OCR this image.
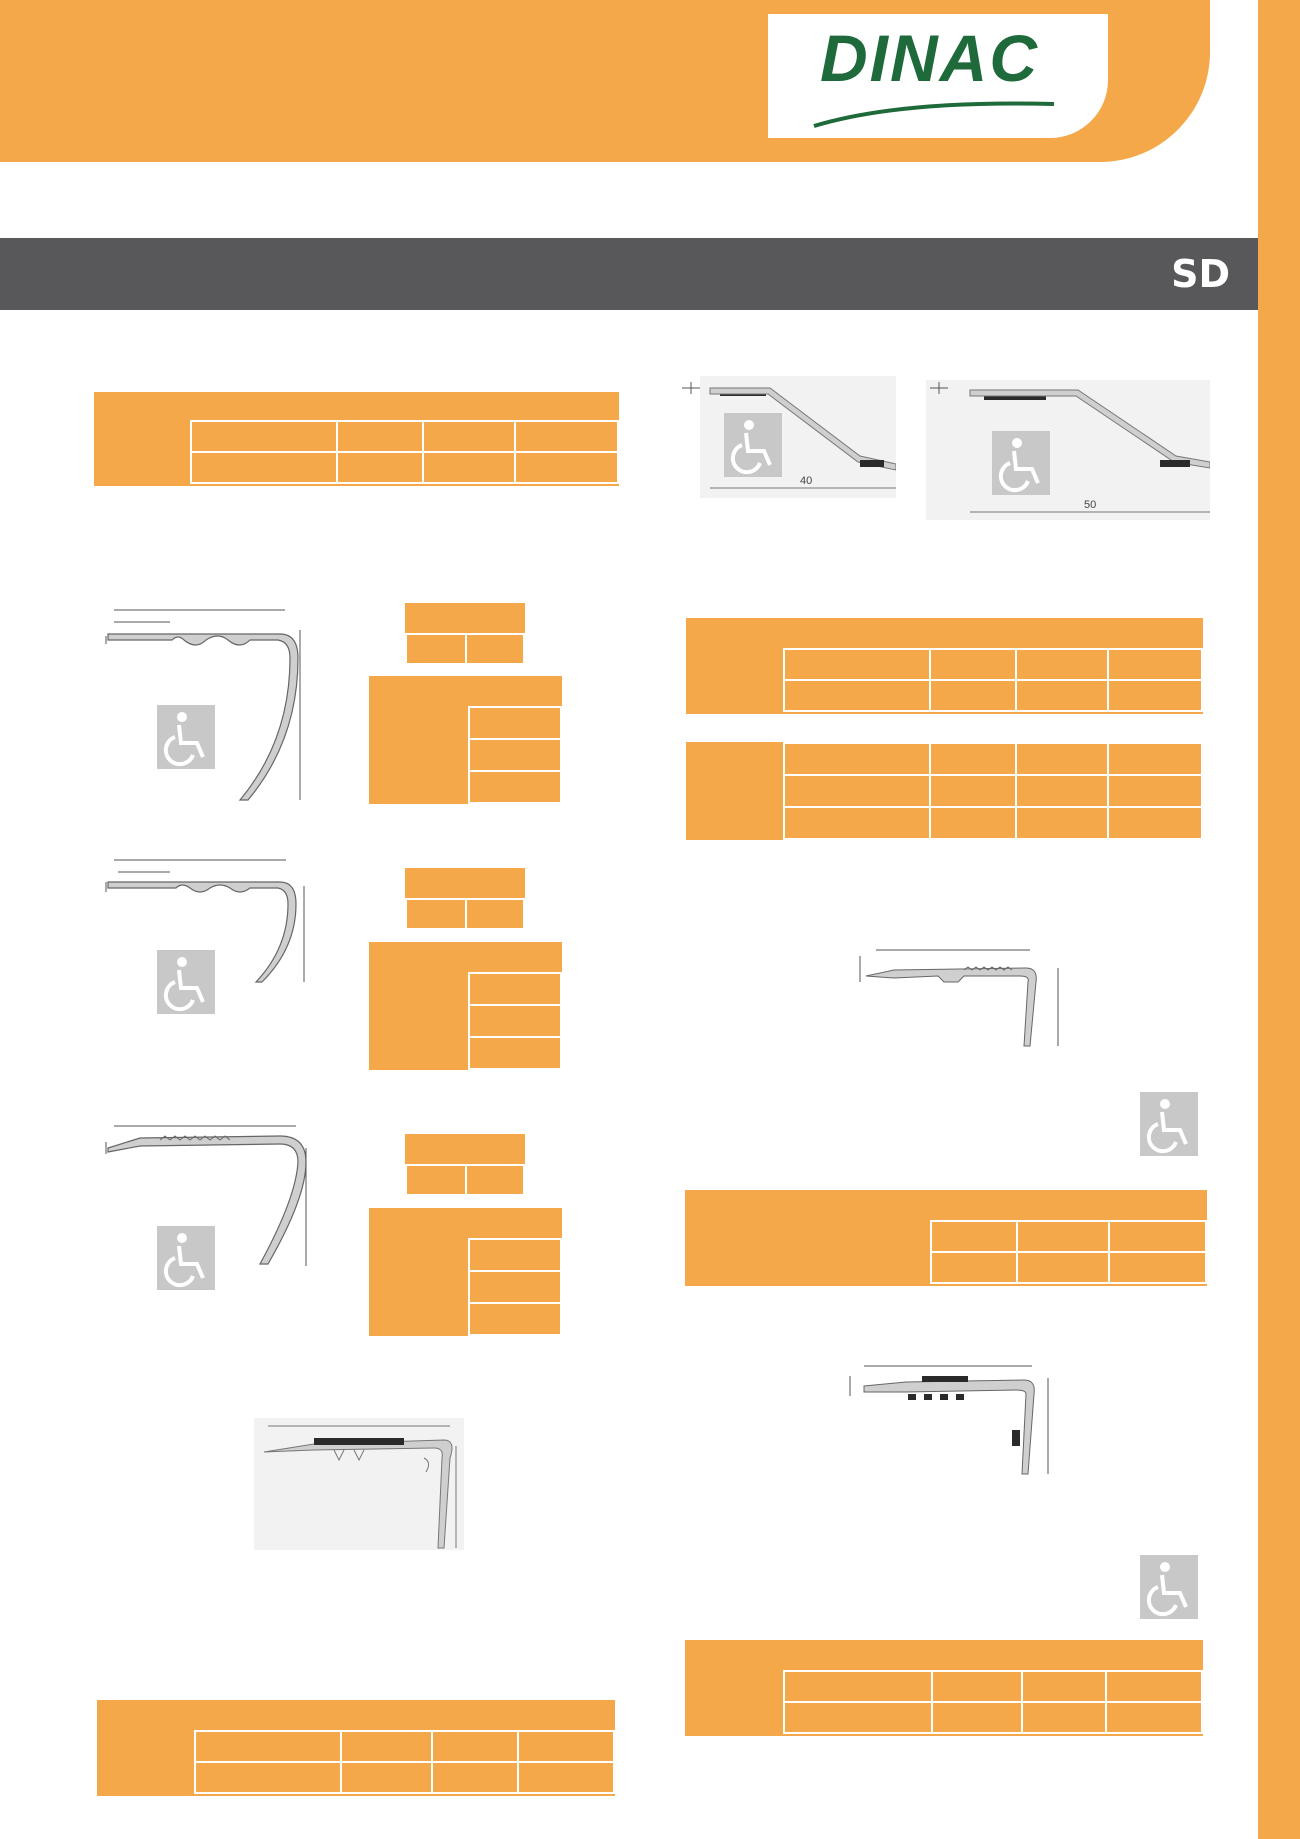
DINAC
SD
40
50
